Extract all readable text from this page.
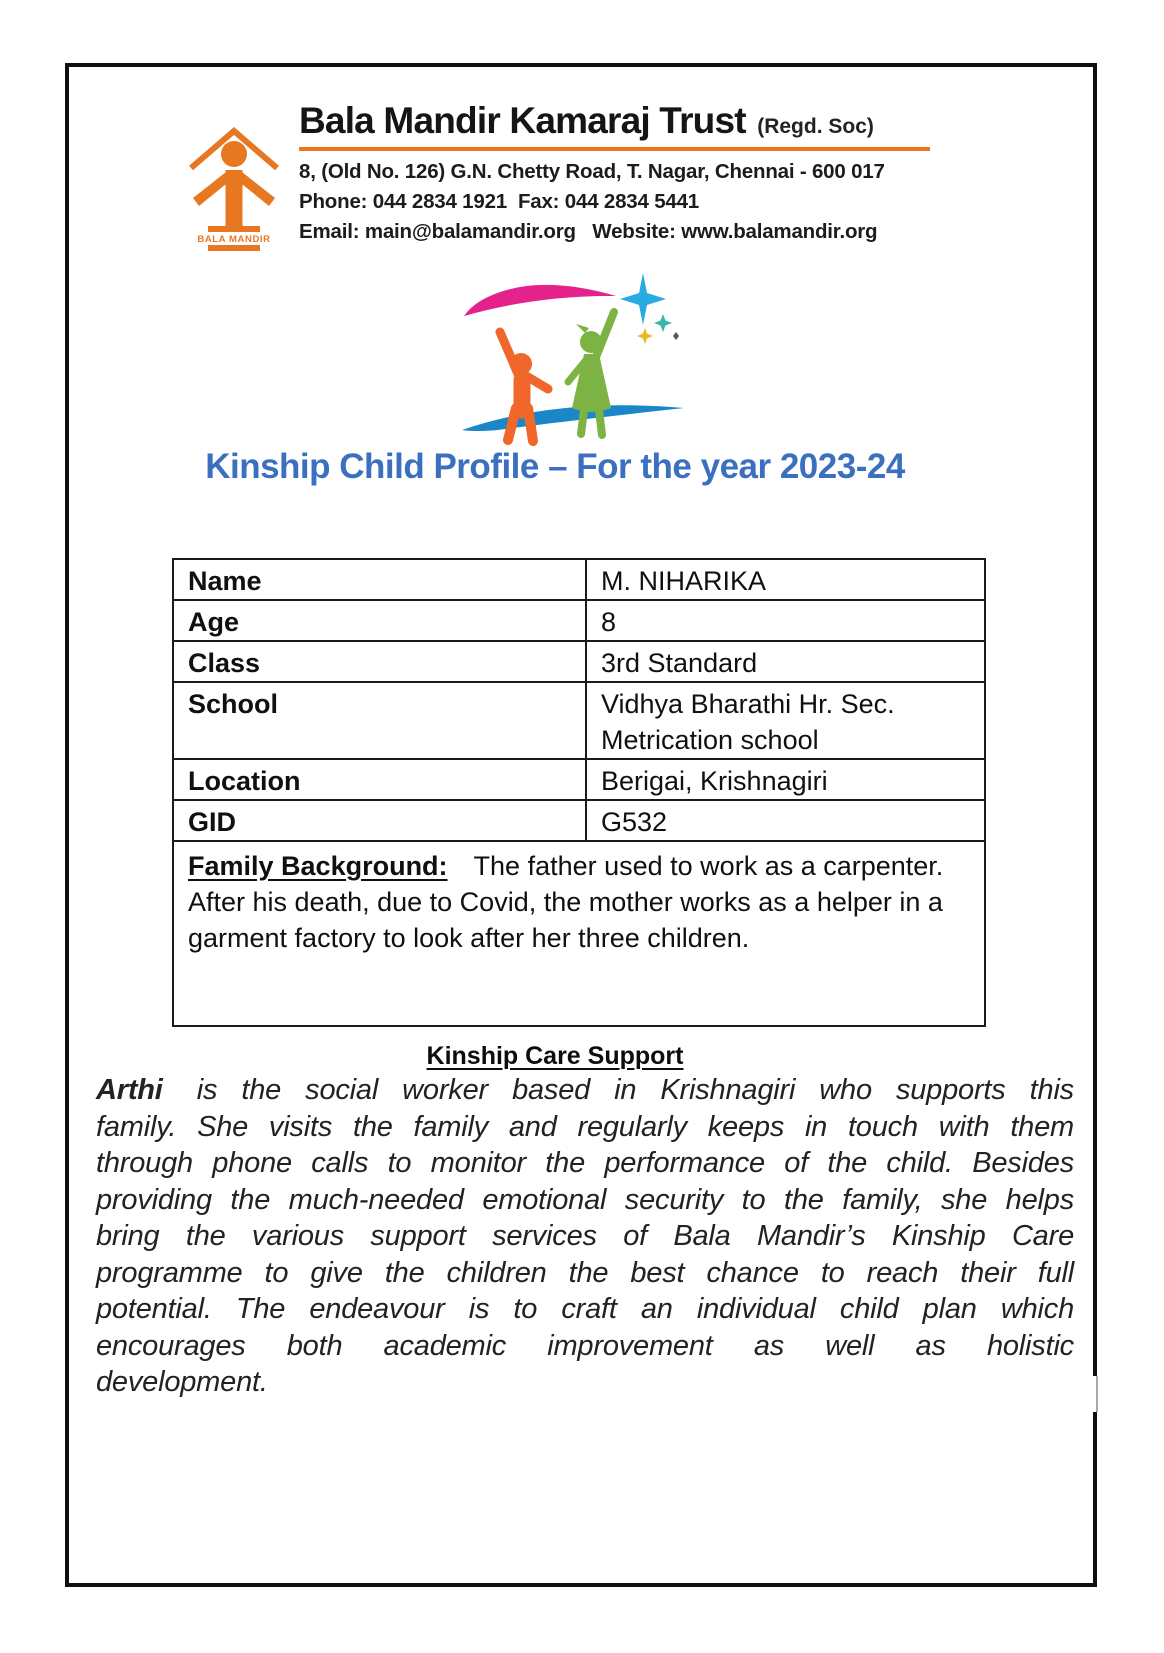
BALA MANDIR
Bala Mandir Kamaraj Trust (Regd. Soc)
8, (Old No. 126) G.N. Chetty Road, T. Nagar, Chennai - 600 017
Phone: 044 2834 1921  Fax: 044 2834 5441
Email: main@balamandir.org   Website: www.balamandir.org
Kinship Child Profile – For the year 2023-24
Name	M. NIHARIKA
Age	8
Class	3rd Standard
School	Vidhya Bharathi Hr. Sec.
Metrication school

Location	Berigai, Krishnagiri
GID	G532
Family Background: The father used to work as a carpenter. After his death, due to Covid, the mother works as a helper in a garment factory to look after her three children.	
Kinship Care Support

Arthi is the social worker based in Krishnagiri who supports this family. She visits the family and regularly keeps in touch with them through phone calls to monitor the performance of the child. Besides providing the much-needed emotional security to the family, she helps bring the various support services of Bala Mandir’s Kinship Care programme to give the children the best chance to reach their full potential. The endeavour is to craft an individual child plan which encourages both academic improvement as well as holistic development.
